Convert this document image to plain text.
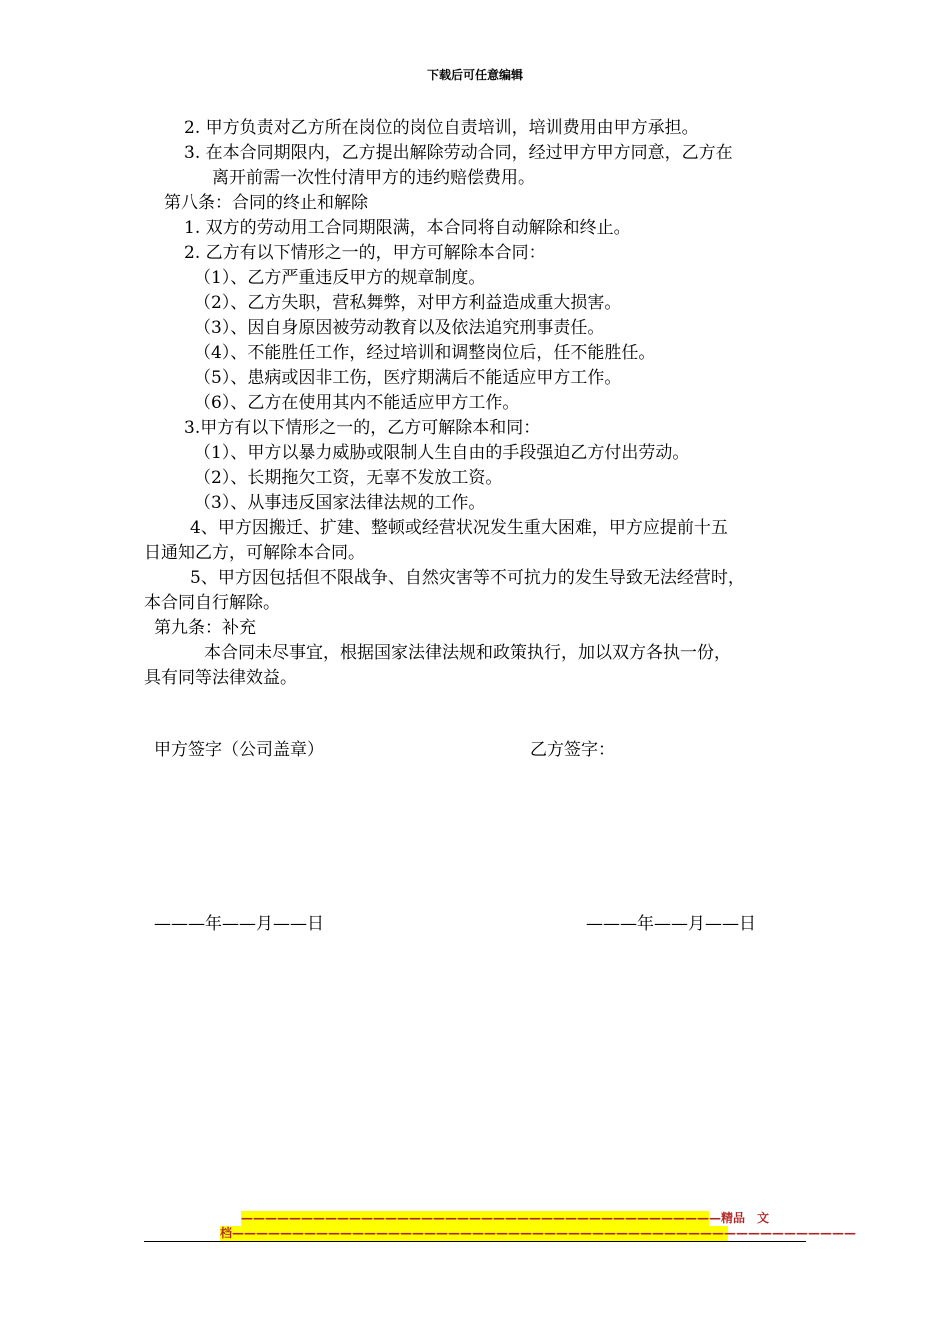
下载后可任意编辑
2. 甲方负责对乙方所在岗位的岗位自责培训，培训费用由甲方承担。
3. 在本合同期限内，乙方提出解除劳动合同，经过甲方甲方同意，乙方在
离开前需一次性付清甲方的违约赔偿费用。
第八条：合同的终止和解除
1. 双方的劳动用工合同期限满，本合同将自动解除和终止。
2. 乙方有以下情形之一的，甲方可解除本合同：
（1）、乙方严重违反甲方的规章制度。
（2）、乙方失职，营私舞弊，对甲方利益造成重大损害。
（3）、因自身原因被劳动教育以及依法追究刑事责任。
（4）、不能胜任工作，经过培训和调整岗位后，任不能胜任。
（5）、患病或因非工伤，医疗期满后不能适应甲方工作。
（6）、乙方在使用其内不能适应甲方工作。
3.甲方有以下情形之一的，乙方可解除本和同：
（1）、甲方以暴力威胁或限制人生自由的手段强迫乙方付出劳动。
（2）、长期拖欠工资，无辜不发放工资。
（3）、从事违反国家法律法规的工作。
4、甲方因搬迁、扩建、整顿或经营状况发生重大困难，甲方应提前十五
日通知乙方，可解除本合同。
5、甲方因包括但不限战争、自然灾害等不可抗力的发生导致无法经营时，
本合同自行解除。
第九条：补充
本合同未尽事宜，根据国家法律法规和政策执行，加以双方各执一份，
具有同等法律效益。
甲方签字（公司盖章）	乙方签字：
———年——月——日	———年——月——日
————————————————————————————————————————精品　文
档————————————————————————————————————————————————————
